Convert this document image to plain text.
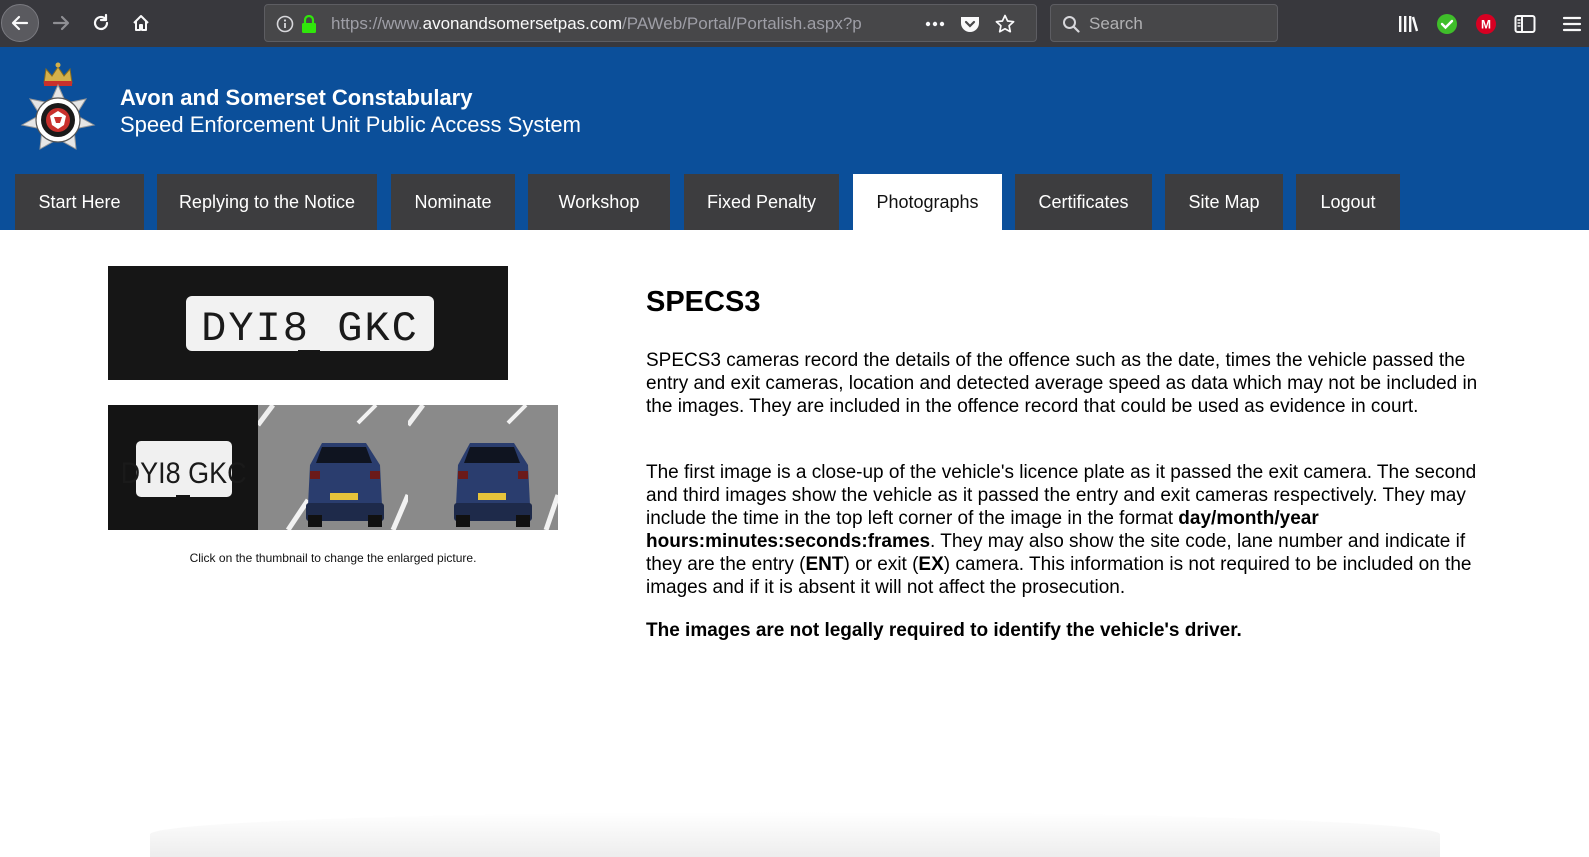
https://www.avonandsomersetpas.com/PAWeb/Portal/Portalish.aspx?p	Search	M
Avon and Somerset Constabulary
Speed Enforcement Unit Public Access System
Start Here	Replying to the Notice	Nominate	Workshop	Fixed Penalty	Photographs	Certificates	Site Map	Logout
DYI8 GKC
DYI8 GKC
Click on the thumbnail to change the enlarged picture.
SPECS3

SPECS3 cameras record the details of the offence such as the date, times the vehicle passed the entry and exit cameras, location and detected average speed as data which may not be included in the images. They are included in the offence record that could be used as evidence in court.

The first image is a close-up of the vehicle's licence plate as it passed the exit camera. The second and third images show the vehicle as it passed the entry and exit cameras respectively. They may include the time in the top left corner of the image in the format day/month/year hours:minutes:seconds:frames. They may also show the site code, lane number and indicate if they are the entry (ENT) or exit (EX) camera. This information is not required to be included on the images and if it is absent it will not affect the prosecution.

The images are not legally required to identify the vehicle's driver.
